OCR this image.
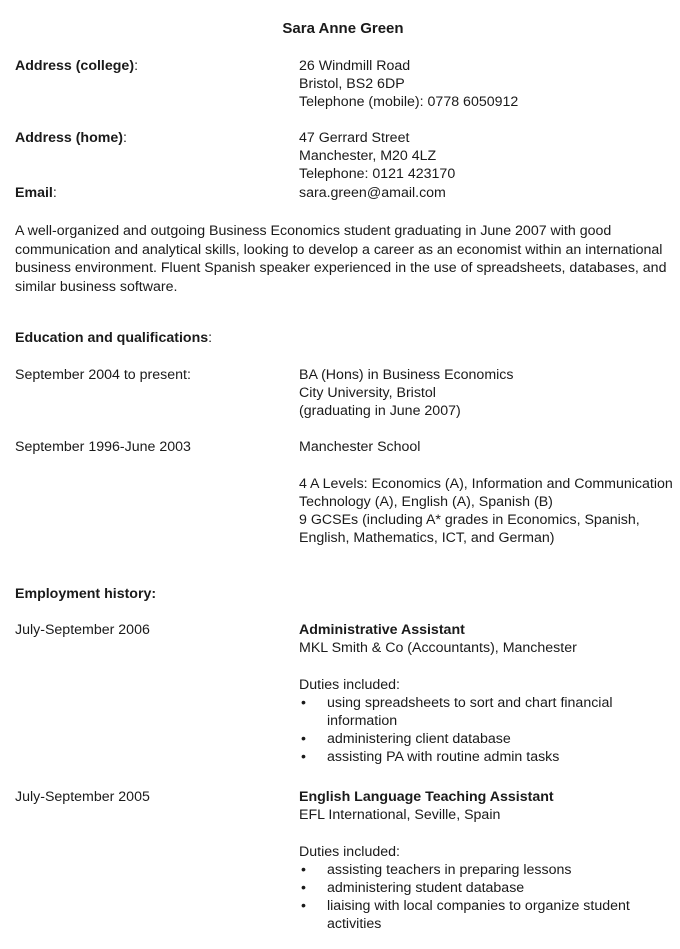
Sara Anne Green
Address (college):	26 Windmill Road
Bristol, BS2 6DP
Telephone (mobile): 0778 6050912
Address (home):	47 Gerrard Street
Manchester, M20 4LZ
Telephone: 0121 423170
Email:	sara.green@amail.com
A well-organized and outgoing Business Economics student graduating in June 2007 with good communication and analytical skills, looking to develop a career as an economist within an international business environment. Fluent Spanish speaker experienced in the use of spreadsheets, databases, and similar business software.
Education and qualifications:
September 2004 to present:	BA (Hons) in Business Economics
City University, Bristol
(graduating in June 2007)
September 1996-June 2003	Manchester School
4 A Levels: Economics (A), Information and Communication Technology (A), English (A), Spanish (B)
9 GCSEs (including A* grades in Economics, Spanish, English, Mathematics, ICT, and German)
Employment history:
July-September 2006	Administrative Assistant
MKL Smith & Co (Accountants), Manchester
Duties included:
• using spreadsheets to sort and chart financial information
• administering client database
• assisting PA with routine admin tasks
July-September 2005	English Language Teaching Assistant
EFL International, Seville, Spain
Duties included:
• assisting teachers in preparing lessons
• administering student database
• liaising with local companies to organize student activities
